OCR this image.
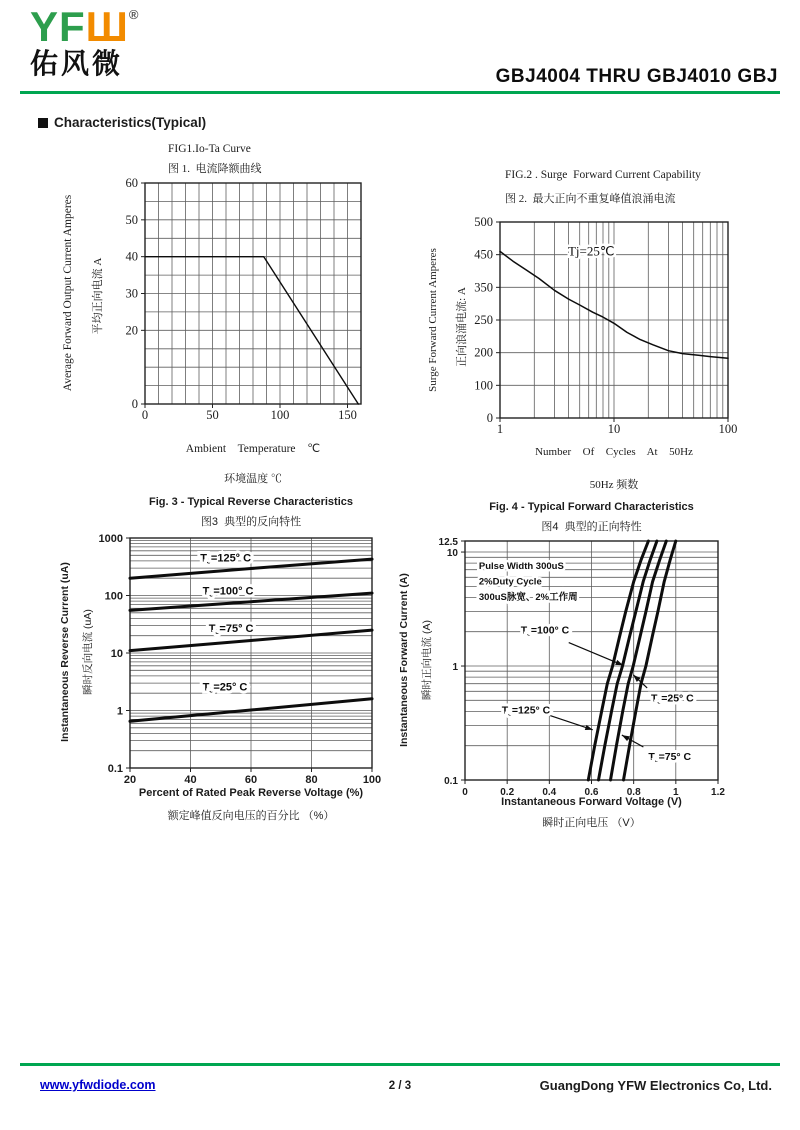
YFШ®
佑风微	GBJ4004 THRU GBJ4010 GBJ
Characteristics(Typical)
FIG1.Io-Ta Curve
图 1.  电流降额曲线
Ambient  Temperature  ℃
环境温度 ℃
Average Forward Output Current Amperes 平均正向电流 A
FIG.2 . Surge  Forward Current Capability
图 2.  最大正向不重复峰值浪涌电流
Number  Of  Cycles  At  50Hz
50Hz 频数
Surge Forward Current Amperes 正向浪涌电流: A
Fig. 3 - Typical Reverse Characteristics
图3  典型的反向特性
Percent of Rated Peak Reverse Voltage (%)
额定峰值反向电压的百分比 （%）
Instantaneous Reverse Current (uA) 瞬时反向电流 (uA)
Fig. 4 - Typical Forward Characteristics
图4  典型的正向特性
Instantaneous Forward Voltage (V)
瞬时正向电压 （V）
Instantaneous Forward Current (A) 瞬时正向电流 (A)
0	50	100	150
60
50
40
30
20
0
1	10	100
500
450
350
250
200
100
0
Tj=25℃
20	40	60	80	100
1000
100
10
1
0.1
TJ=125° C
TJ=100° C
TJ=75° C
TJ=25° C
0	0.2	0.4	0.6	0.8	1	1.2
12.5
10
1
0.1
Pulse Width 300uS
2%Duty Cycle
300uS脉宽、2%工作周
TJ=100° C
TJ=25° C
TJ=125° C
TJ=75° C
www.yfwdiode.com	2 / 3	GuangDong YFW Electronics Co, Ltd.
